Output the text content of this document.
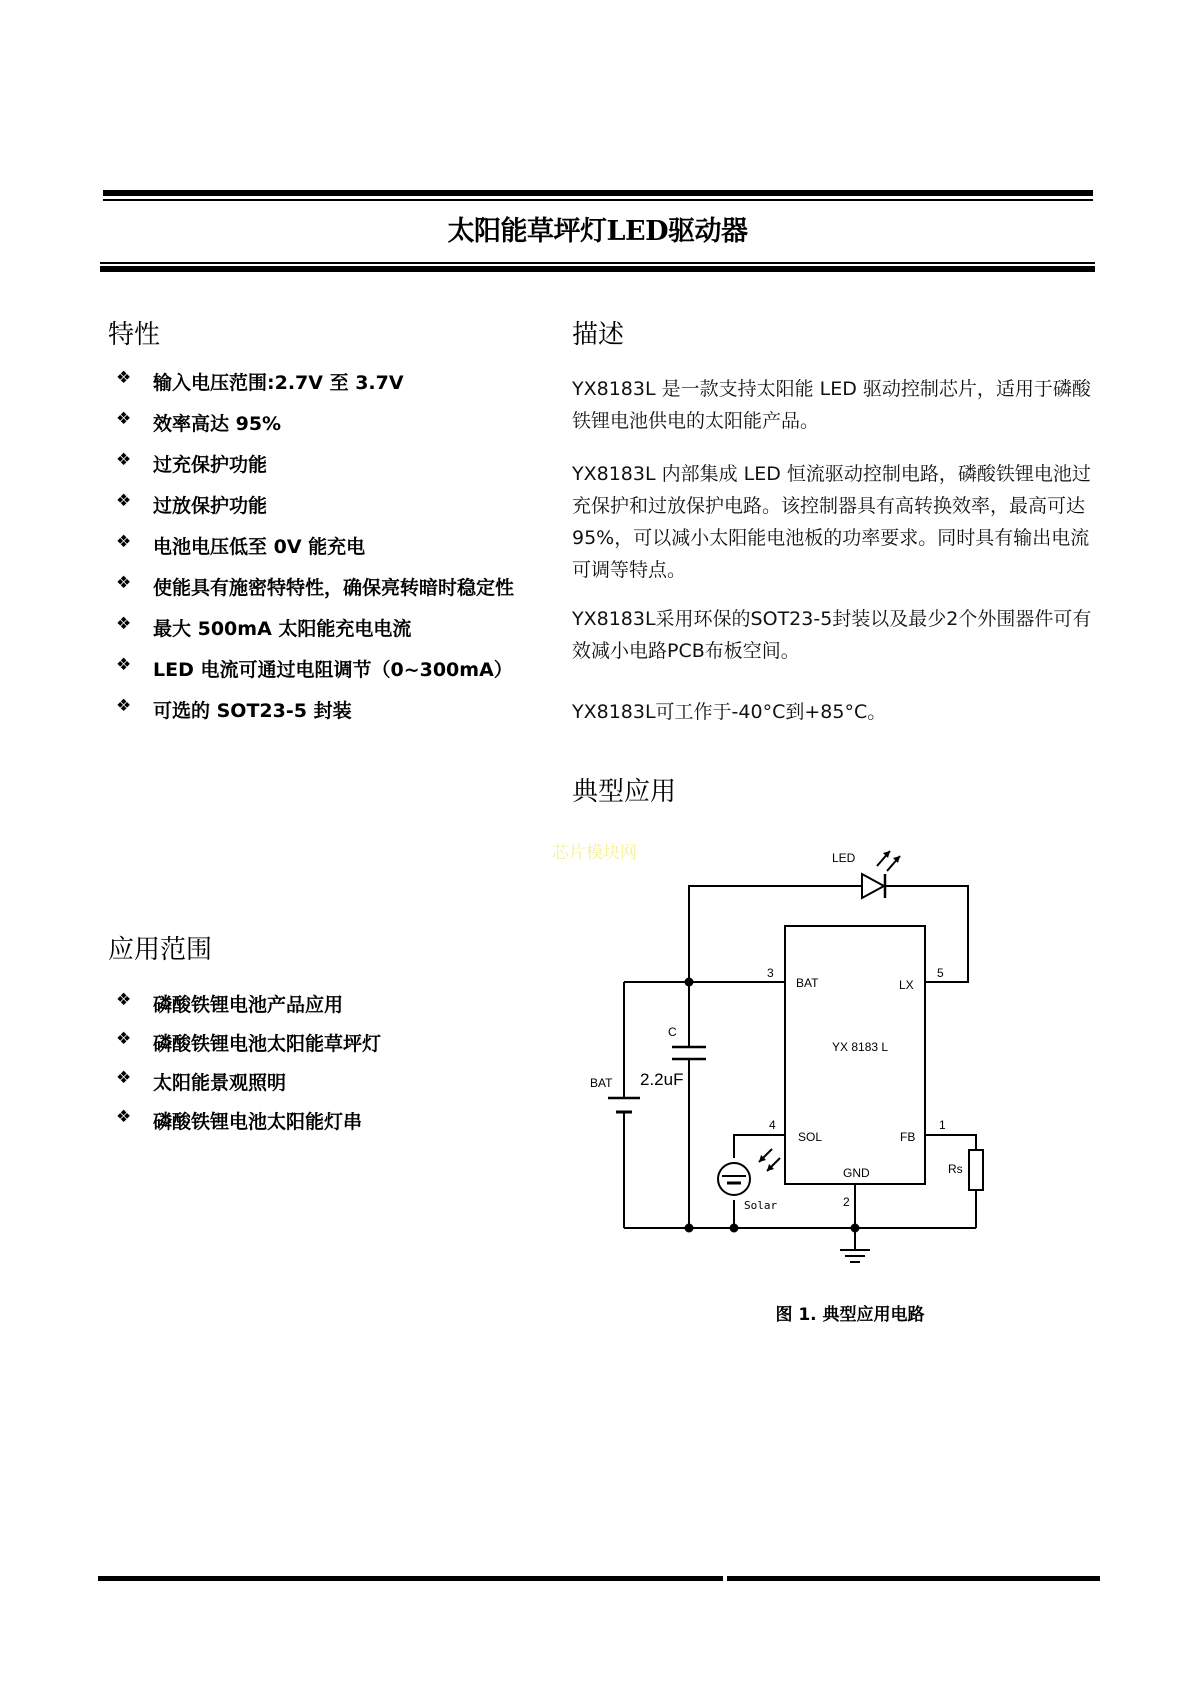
太阳能草坪灯LED驱动器
特性
❖ 输入电压范围:2.7V 至 3.7V
❖ 效率高达 95%
❖ 过充保护功能
❖ 过放保护功能
❖ 电池电压低至 0V 能充电
❖ 使能具有施密特特性，确保亮转暗时稳定性
❖ 最大 500mA 太阳能充电电流
❖ LED 电流可通过电阻调节（0~300mA）
❖ 可选的 SOT23-5 封装
应用范围
❖ 磷酸铁锂电池产品应用
❖ 磷酸铁锂电池太阳能草坪灯
❖ 太阳能景观照明
❖ 磷酸铁锂电池太阳能灯串
描述

YX8183L 是一款支持太阳能 LED 驱动控制芯片，适用于磷酸铁锂电池供电的太阳能产品。

YX8183L 内部集成 LED 恒流驱动控制电路，磷酸铁锂电池过充保护和过放保护电路。该控制器具有高转换效率，最高可达 95%，可以减小太阳能电池板的功率要求。同时具有输出电流可调等特点。

YX8183L采用环保的SOT23-5封装以及最少2个外围器件可有效减小电路PCB布板空间。

YX8183L可工作于-40°C到+85°C。

典型应用
芯片模块网	LED
BAT	LX
SOL	FB
GND
YX 8183 L
3	5
4	1
2
C
2.2uF
BAT
Solar
Rs
图 1. 典型应用电路
